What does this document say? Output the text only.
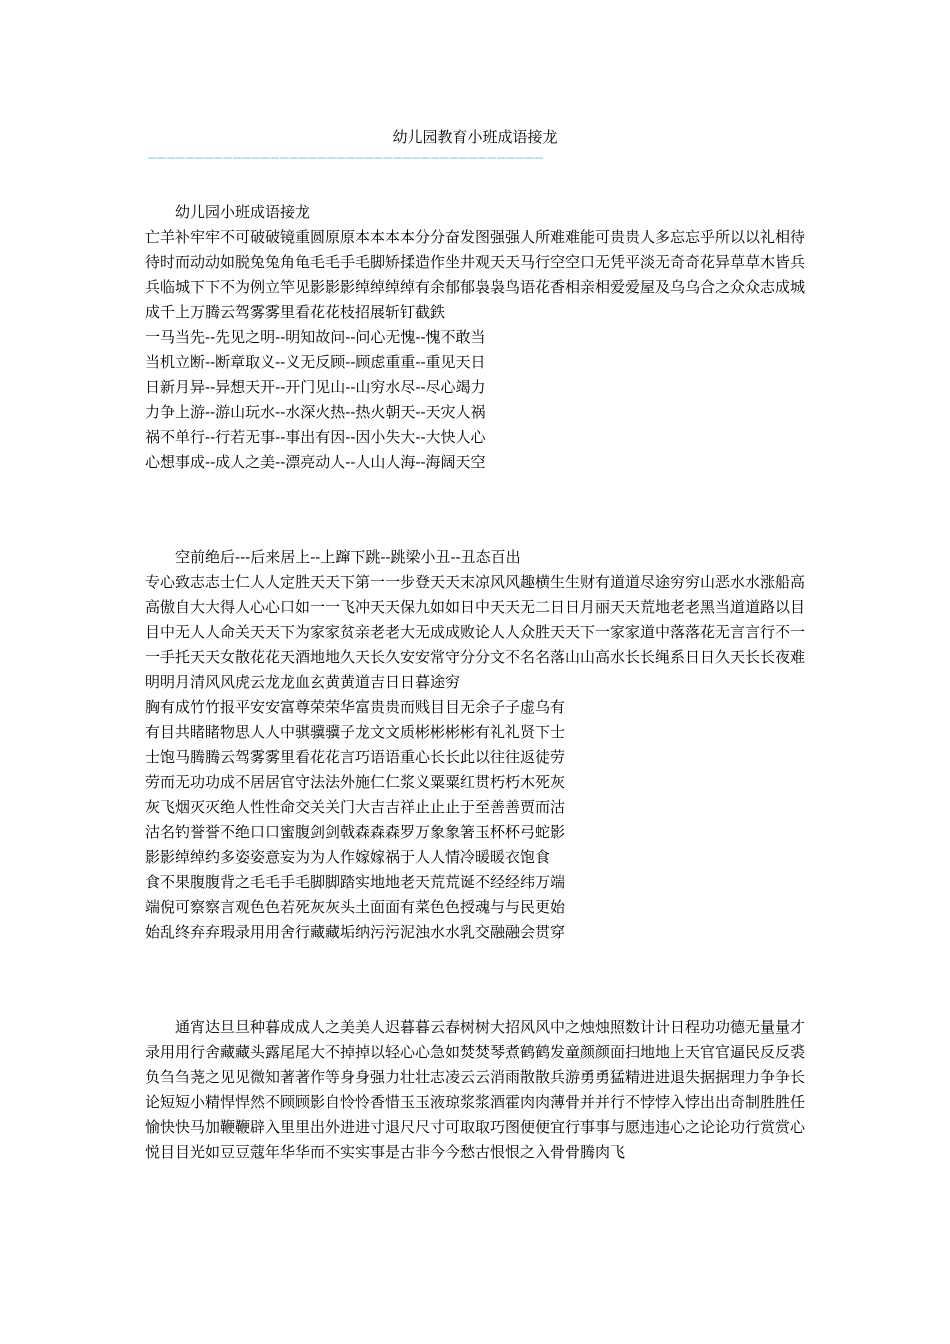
幼儿园教育小班成语接龙
——————————————————————————————————————————

幼儿园小班成语接龙

亡羊补牢牢不可破破镜重圆原原本本本本分分奋发图强强人所难难能可贵贵人多忘忘乎所以以礼相待待时而动动如脱兔兔角龟毛毛手毛脚矫揉造作坐井观天天马行空空口无凭平淡无奇奇花异草草木皆兵兵临城下下不为例立竿见影影影绰绰绰绰有余郁郁袅袅鸟语花香相亲相爱爱屋及乌乌合之众众志成城成千上万腾云驾雾雾里看花花枝招展斩钉截鉄

一马当先--先见之明--明知故问--问心无愧--愧不敢当
当机立断--断章取义--义无反顾--顾虑重重--重见天日
日新月异--异想天开--开门见山--山穷水尽--尽心竭力
力争上游--游山玩水--水深火热--热火朝天--天灾人祸
祸不单行--行若无事--事出有因--因小失大--大快人心
心想事成--成人之美--漂亮动人--人山人海--海阔天空

空前绝后---后来居上--上蹿下跳--跳梁小丑--丑态百出

专心致志志士仁人人定胜天天下第一一步登天天末凉风风趣横生生财有道道尽途穷穷山恶水水涨船高高傲自大大得人心心口如一一飞冲天天保九如如日中天天无二日日月丽天天荒地老老黑当道道路以目目中无人人命关天天下为家家贫亲老老大无成成败论人人众胜天天下一家家道中落落花无言言行不一一手托天天女散花花天酒地地久天长久安安常守分分文不名名落山山高水长长绳系日日久天长长夜难明明月清风风虎云龙龙血玄黄黄道吉日日暮途穷

胸有成竹竹报平安安富尊荣荣华富贵贵而贱目目无余子子虚乌有
有目共睹睹物思人人中骐骥骥子龙文文质彬彬彬彬有礼礼贤下士
士饱马腾腾云驾雾雾里看花花言巧语语重心长长此以往往返徒劳
劳而无功功成不居居官守法法外施仁仁浆义粟粟红贯朽朽木死灰
灰飞烟灭灭绝人性性命交关关门大吉吉祥止止止于至善善贾而沽
沽名钓誉誉不绝口口蜜腹剑剑戟森森森罗万象象箸玉杯杯弓蛇影
影影绰绰约多姿姿意妄为为人作嫁嫁祸于人人情冷暖暖衣饱食
食不果腹腹背之毛毛手毛脚脚踏实地地老天荒荒诞不经经纬万端
端倪可察察言观色色若死灰灰头土面面有菜色色授魂与与民更始
始乱终弃弃瑕录用用舍行藏藏垢纳污污泥浊水水乳交融融会贯穿

通宵达旦旦种暮成成人之美美人迟暮暮云春树树大招风风中之烛烛照数计计日程功功德无量量才录用用行舍藏藏头露尾尾大不掉掉以轻心心急如焚焚琴煮鹤鹤发童颜颜面扫地地上天官官逼民反反裘负刍刍荛之见见微知著著作等身身强力壮壮志凌云云消雨散散兵游勇勇猛精进进退失据据理力争争长论短短小精悍悍然不顾顾影自怜怜香惜玉玉液琼浆浆酒霍肉肉薄骨并并行不悖悖入悖出出奇制胜胜任愉快快马加鞭鞭辟入里里出外进进寸退尺尺寸可取取巧图便便宜行事事与愿违违心之论论功行赏赏心悦目目光如豆豆蔻年华华而不实实事是古非今今愁古恨恨之入骨骨腾肉飞
